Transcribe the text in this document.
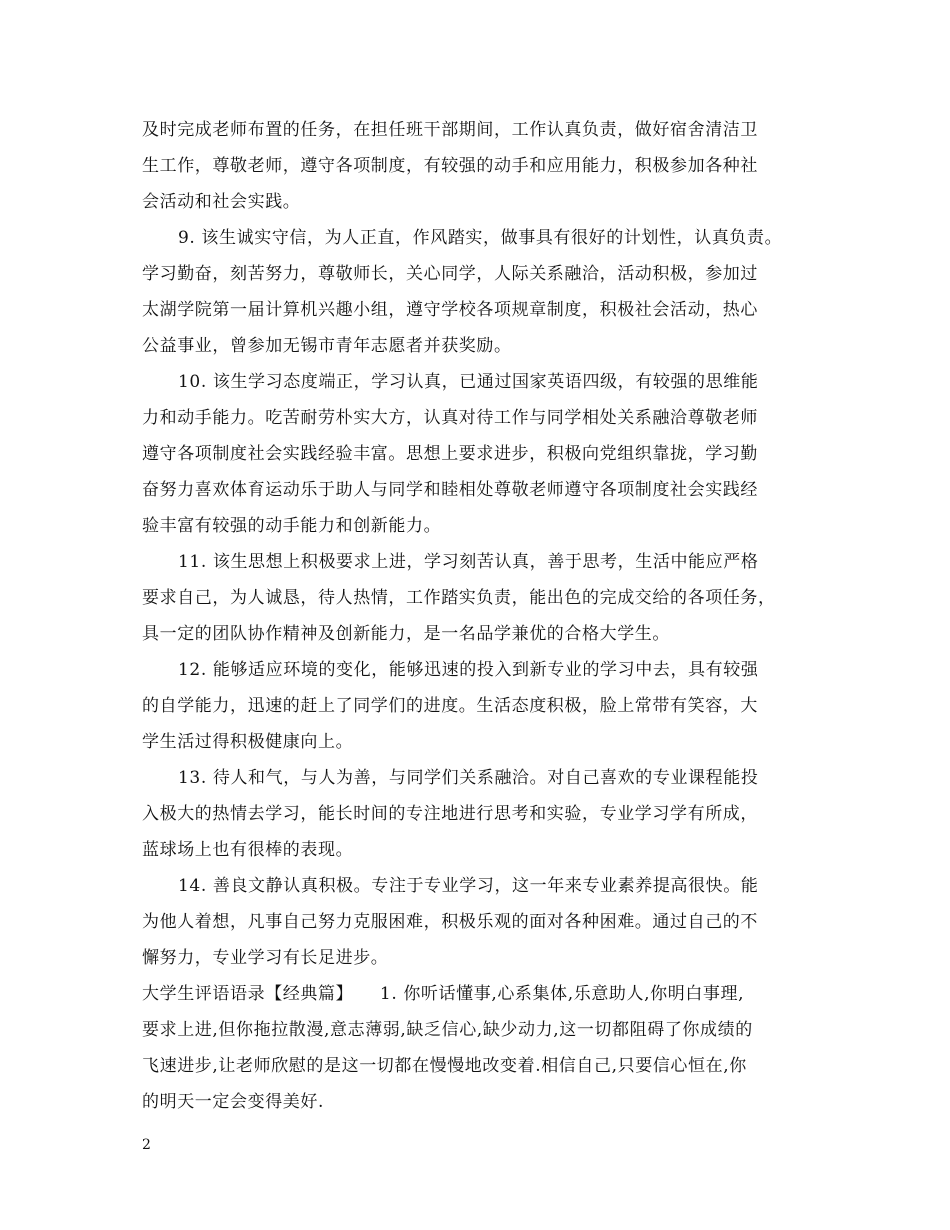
及时完成老师布置的任务，在担任班干部期间，工作认真负责，做好宿舍清洁卫
生工作，尊敬老师，遵守各项制度，有较强的动手和应用能力，积极参加各种社
会活动和社会实践。
9. 该生诚实守信，为人正直，作风踏实，做事具有很好的计划性，认真负责。
学习勤奋，刻苦努力，尊敬师长，关心同学，人际关系融洽，活动积极，参加过
太湖学院第一届计算机兴趣小组，遵守学校各项规章制度，积极社会活动，热心
公益事业，曾参加无锡市青年志愿者并获奖励。
10. 该生学习态度端正，学习认真，已通过国家英语四级，有较强的思维能
力和动手能力。吃苦耐劳朴实大方，认真对待工作与同学相处关系融洽尊敬老师
遵守各项制度社会实践经验丰富。思想上要求进步，积极向党组织靠拢，学习勤
奋努力喜欢体育运动乐于助人与同学和睦相处尊敬老师遵守各项制度社会实践经
验丰富有较强的动手能力和创新能力。
11. 该生思想上积极要求上进，学习刻苦认真，善于思考，生活中能应严格
要求自己，为人诚恳，待人热情，工作踏实负责，能出色的完成交给的各项任务，
具一定的团队协作精神及创新能力，是一名品学兼优的合格大学生。
12. 能够适应环境的变化，能够迅速的投入到新专业的学习中去，具有较强
的自学能力，迅速的赶上了同学们的进度。生活态度积极，脸上常带有笑容，大
学生活过得积极健康向上。
13. 待人和气，与人为善，与同学们关系融洽。对自己喜欢的专业课程能投
入极大的热情去学习，能长时间的专注地进行思考和实验，专业学习学有所成，
蓝球场上也有很棒的表现。
14. 善良文静认真积极。专注于专业学习，这一年来专业素养提高很快。能
为他人着想，凡事自己努力克服困难，积极乐观的面对各种困难。通过自己的不
懈努力，专业学习有长足进步。
大学生评语语录【经典篇】　　1. 你听话懂事,心系集体,乐意助人,你明白事理,
要求上进,但你拖拉散漫,意志薄弱,缺乏信心,缺少动力,这一切都阻碍了你成绩的
飞速进步,让老师欣慰的是这一切都在慢慢地改变着.相信自己,只要信心恒在,你
的明天一定会变得美好.
2
